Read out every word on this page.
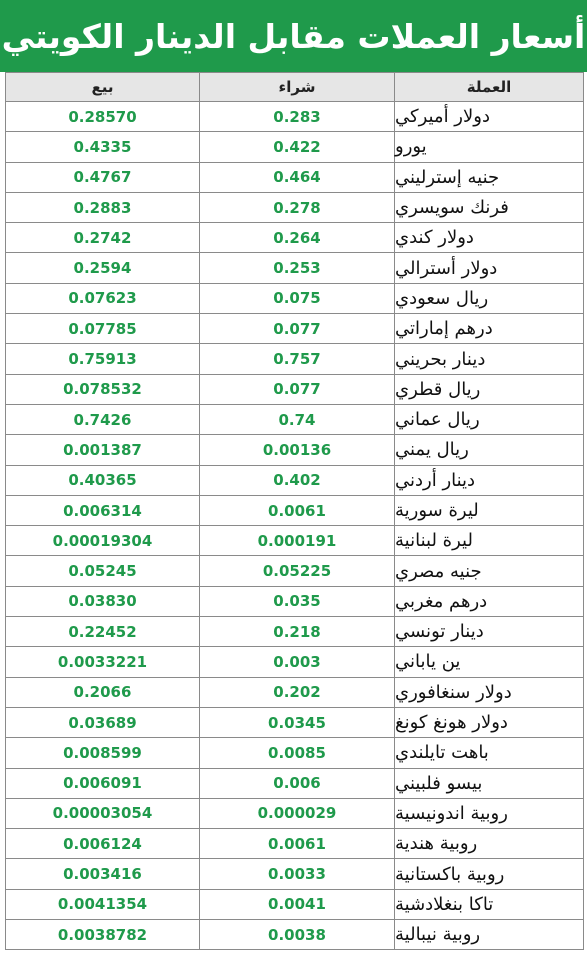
أسعار العملات مقابل الدينار الكويتي
بيع	شراء	العملة
0.28570	0.283	دولار أميركي
0.4335	0.422	يورو
0.4767	0.464	جنيه إسترليني
0.2883	0.278	فرنك سويسري
0.2742	0.264	دولار كندي
0.2594	0.253	دولار أسترالي
0.07623	0.075	ريال سعودي
0.07785	0.077	درهم إماراتي
0.75913	0.757	دينار بحريني
0.078532	0.077	ريال قطري
0.7426	0.74	ريال عماني
0.001387	0.00136	ريال يمني
0.40365	0.402	دينار أردني
0.006314	0.0061	ليرة سورية
0.00019304	0.000191	ليرة لبنانية
0.05245	0.05225	جنيه مصري
0.03830	0.035	درهم مغربي
0.22452	0.218	دينار تونسي
0.0033221	0.003	ين ياباني
0.2066	0.202	دولار سنغافوري
0.03689	0.0345	دولار هونغ كونغ
0.008599	0.0085	باهت تايلندي
0.006091	0.006	بيسو فلبيني
0.00003054	0.000029	روبية اندونيسية
0.006124	0.0061	روبية هندية
0.003416	0.0033	روبية باكستانية
0.0041354	0.0041	تاكا بنغلادشية
0.0038782	0.0038	روبية نيبالية
